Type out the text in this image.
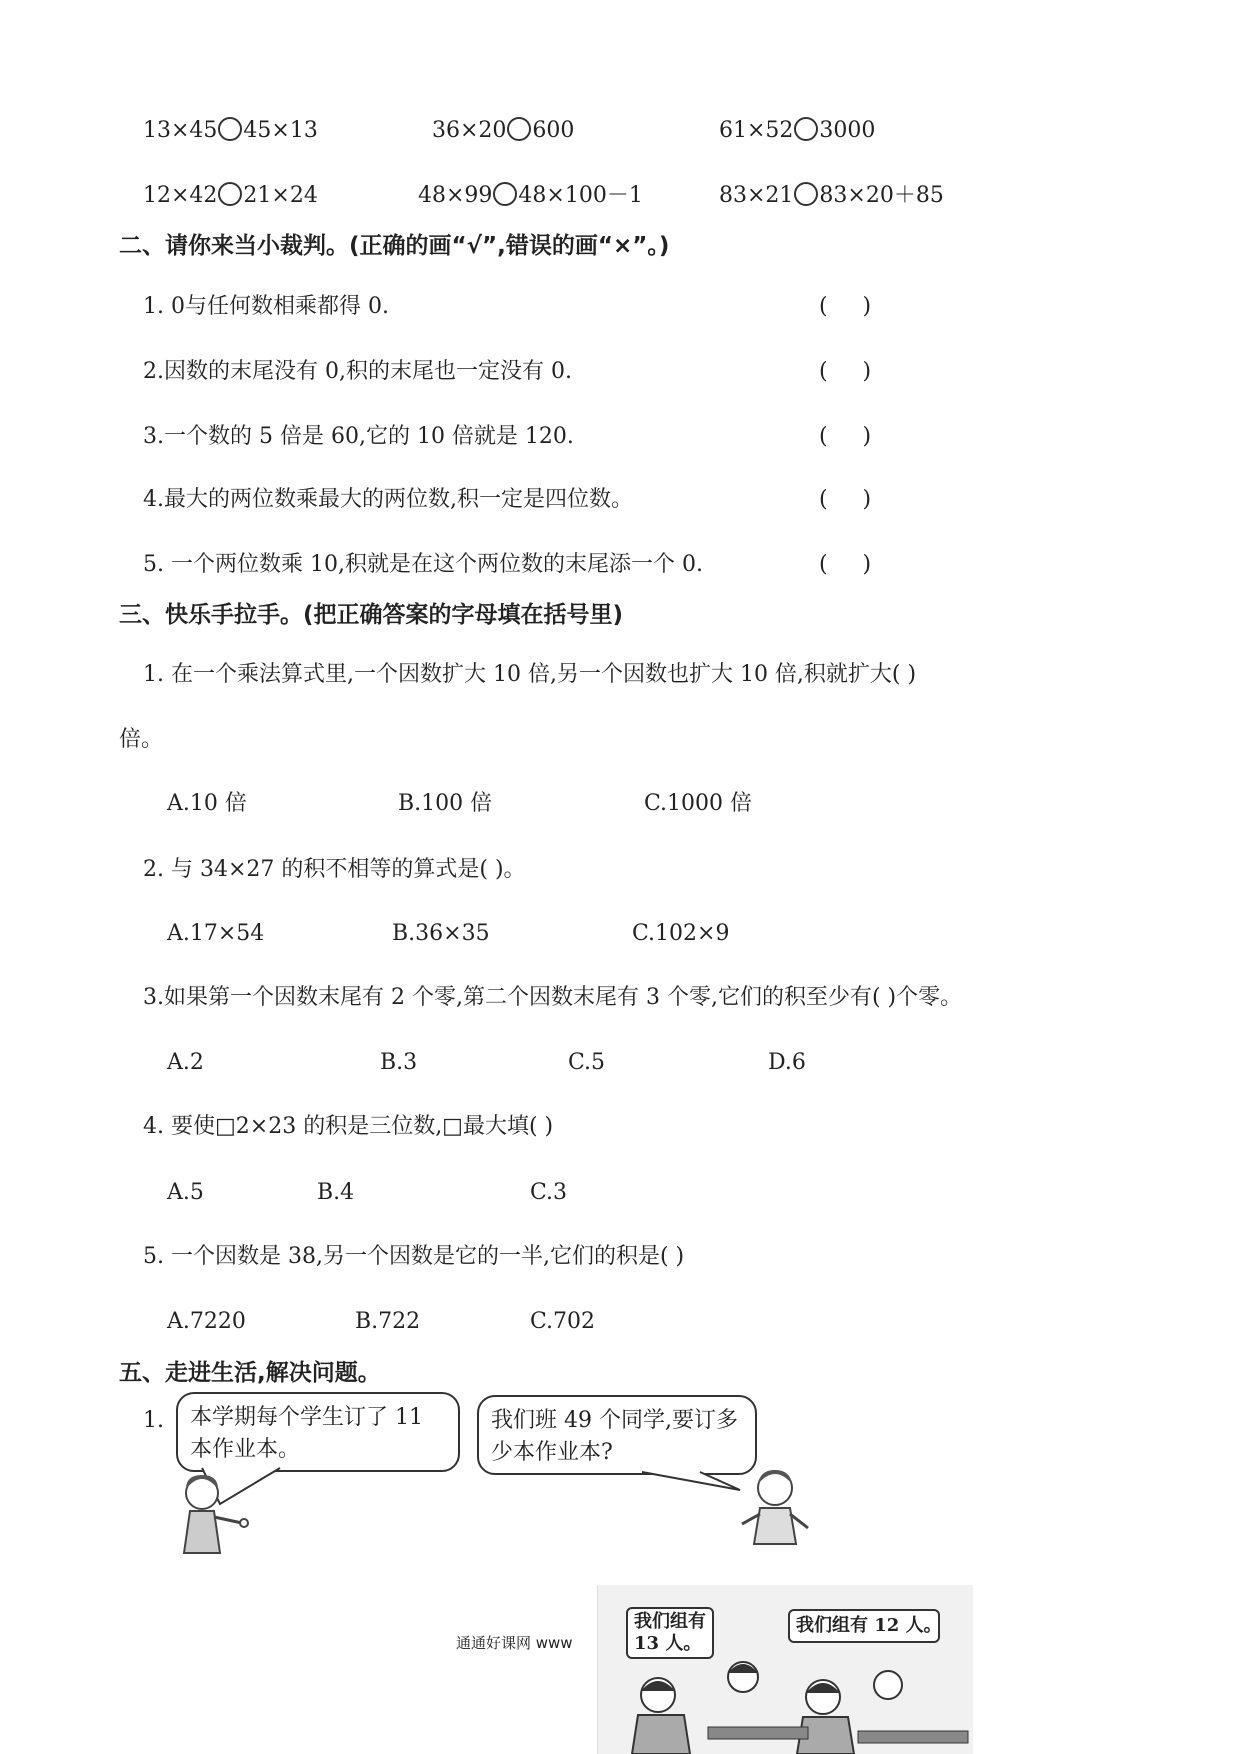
13×45 45×13	36×20 600	61×52 3000
12×42 21×24	48×99 48×100－1	83×21 83×20＋85
二、请你来当小裁判。(正确的画“√”,错误的画“×”。)
1. 0与任何数相乘都得 0.	(     )
2.因数的末尾没有 0,积的末尾也一定没有 0.	(     )
3.一个数的 5 倍是 60,它的 10 倍就是 120.	(     )
4.最大的两位数乘最大的两位数,积一定是四位数。	(     )
5. 一个两位数乘 10,积就是在这个两位数的末尾添一个 0.	(     )
三、快乐手拉手。(把正确答案的字母填在括号里)
1. 在一个乘法算式里,一个因数扩大 10 倍,另一个因数也扩大 10 倍,积就扩大( )
倍。
A.10 倍	B.100 倍	C.1000 倍
2. 与 34×27 的积不相等的算式是( )。
A.17×54	B.36×35	C.102×9
3.如果第一个因数末尾有 2 个零,第二个因数末尾有 3 个零,它们的积至少有( )个零。
A.2	B.3	C.5	D.6
4. 要使□2×23 的积是三位数,□最大填( )
A.5	B.4	C.3
5. 一个因数是 38,另一个因数是它的一半,它们的积是( )
A.7220	B.722	C.702
五、走进生活,解决问题。
1.	本学期每个学生订了 11 本作业本。
我们班 49 个同学,要订多少本作业本?
我们组有 13 人。
我们组有 12 人。
通通好课网 www
